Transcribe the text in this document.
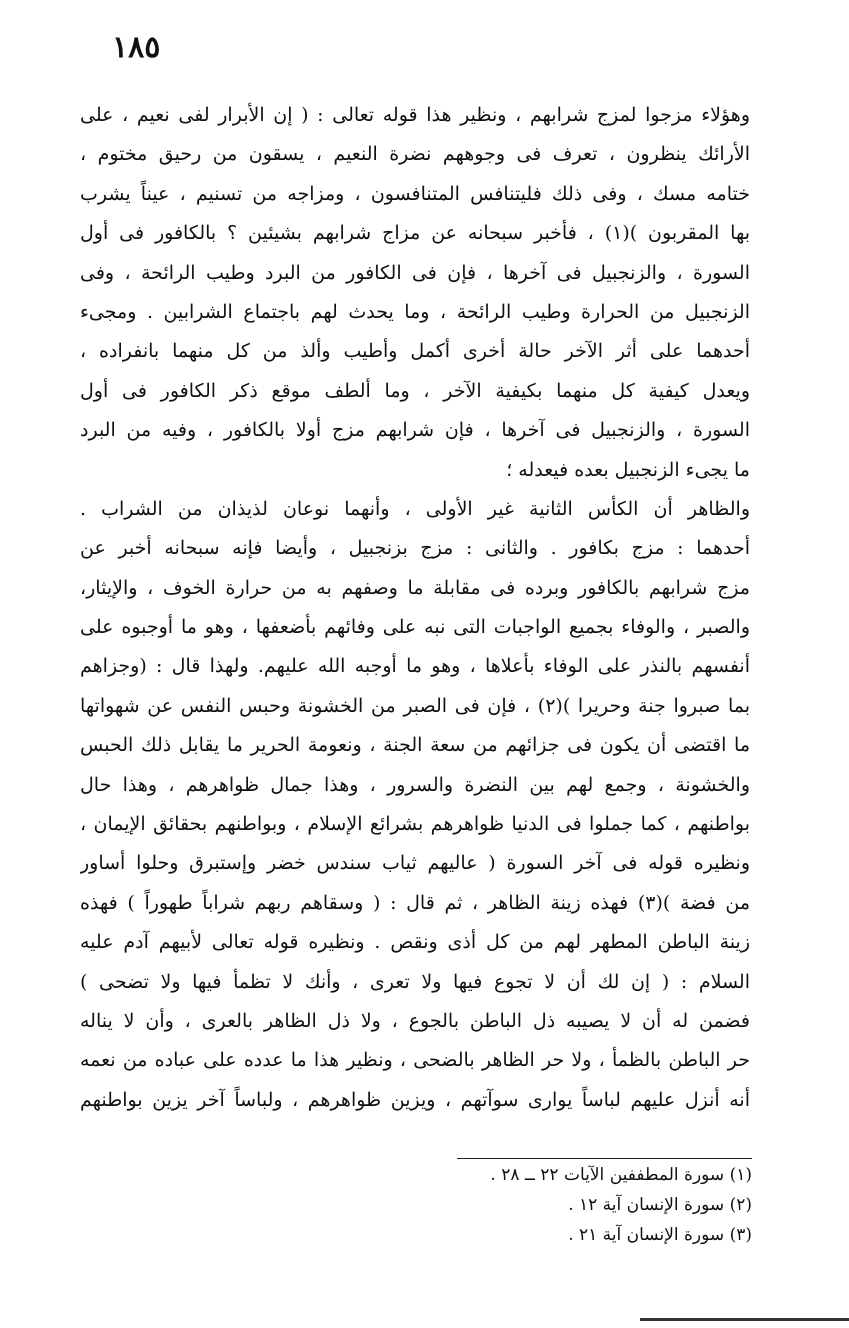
١٨٥
وهؤلاء مزجوا لمزج شرابهم ، ونظير هذا قوله تعالى : ( إن الأبرار لفى نعيم ، على
الأرائك ينظرون ، تعرف فى وجوههم نضرة النعيم ، يسقون من رحيق مختوم ،
ختامه مسك ، وفى ذلك فليتنافس المتنافسون ، ومزاجه من تسنيم ، عيناً يشرب
بها المقربون )(١) ، فأخبر سبحانه عن مزاج شرابهم بشيئين ؟ بالكافور فى أول
السورة ، والزنجبيل فى آخرها ، فإن فى الكافور من البرد وطيب الرائحة ، وفى
الزنجبيل من الحرارة وطيب الرائحة ، وما يحدث لهم باجتماع الشرابين . ومجىء
أحدهما على أثر الآخر حالة أخرى أكمل وأطيب وألذ من كل منهما بانفراده ،
ويعدل كيفية كل منهما بكيفية الآخر ، وما ألطف موقع ذكر الكافور فى أول
السورة ، والزنجبيل فى آخرها ، فإن شرابهم مزج أولا بالكافور ، وفيه من البرد
ما يجىء الزنجبيل بعده فيعدله ؛
والظاهر أن الكأس الثانية غير الأولى ، وأنهما نوعان لذيذان من الشراب .
أحدهما : مزج بكافور . والثانى : مزج بزنجبيل ، وأيضا فإنه سبحانه أخبر عن
مزج شرابهم بالكافور وبرده فى مقابلة ما وصفهم به من حرارة الخوف ، والإيثار،
والصبر ، والوفاء بجميع الواجبات التى نبه على وفائهم بأضعفها ، وهو ما أوجبوه على
أنفسهم بالنذر على الوفاء بأعلاها ، وهو ما أوجبه الله عليهم. ولهذا قال : (وجزاهم
بما صبروا جنة وحريرا )(٢) ، فإن فى الصبر من الخشونة وحبس النفس عن شهواتها
ما اقتضى أن يكون فى جزائهم من سعة الجنة ، ونعومة الحرير ما يقابل ذلك الحبس
والخشونة ، وجمع لهم بين النضرة والسرور ، وهذا جمال ظواهرهم ، وهذا حال
بواطنهم ، كما جملوا فى الدنيا ظواهرهم بشرائع الإسلام ، وبواطنهم بحقائق الإيمان ،
ونظيره قوله فى آخر السورة ( عاليهم ثياب سندس خضر وإستبرق وحلوا أساور
من فضة )(٣) فهذه زينة الظاهر ، ثم قال : ( وسقاهم ربهم شراباً طهوراً ) فهذه
زينة الباطن المطهر لهم من كل أذى ونقص . ونظيره قوله تعالى لأبيهم آدم عليه
السلام : ( إن لك أن لا تجوع فيها ولا تعرى ، وأنك لا تظمأ فيها ولا تضحى )
فضمن له أن لا يصيبه ذل الباطن بالجوع ، ولا ذل الظاهر بالعرى ، وأن لا يناله
حر الباطن بالظمأ ، ولا حر الظاهر بالضحى ، ونظير هذا ما عدده على عباده من نعمه
أنه أنزل عليهم لباساً يوارى سوآتهم ، ويزين ظواهرهم ، ولباساً آخر يزين بواطنهم
(١) سورة المطففين الآيات ٢٢ ــ ٢٨ .
(٢) سورة الإنسان آية ١٢ .
(٣) سورة الإنسان آية ٢١ .
